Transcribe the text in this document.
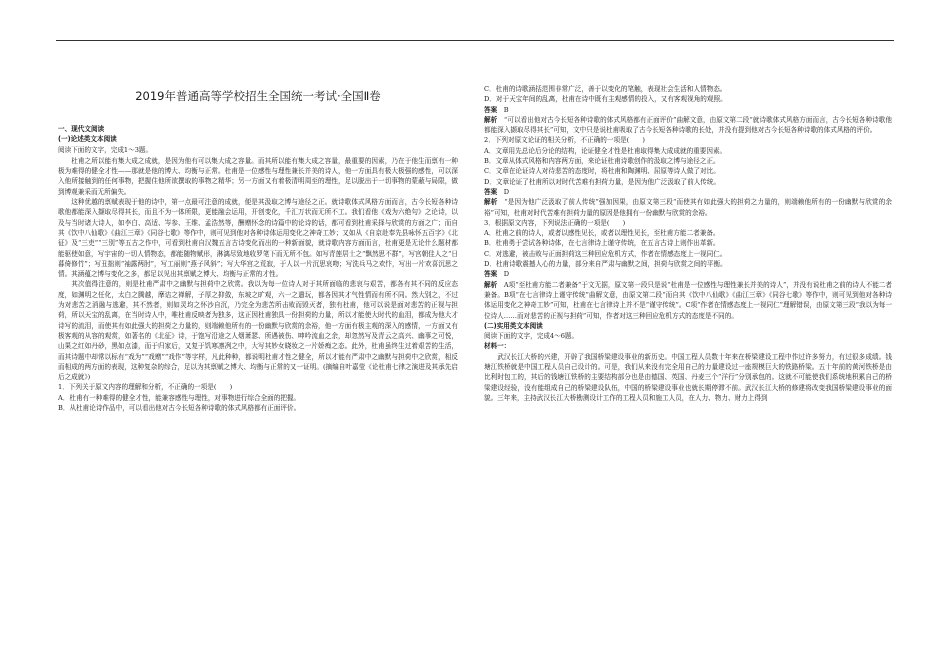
2019年普通高等学校招生全国统一考试·全国Ⅱ卷

一、现代文阅读

(一)论述类文本阅读

阅读下面的文字，完成1～3题。

杜甫之所以能有集大成之成就，是因为他有可以集大成之容量。而其所以能有集大成之容量，最重要的因素，乃在于他生而禀有一种极为难得的健全才性——那就是他的博大、均衡与正常。杜甫是一位感性与理性兼长并美的诗人，他一方面具有极大极强的感性，可以深入他所接触到的任何事物，把握住他所欲撰取的事物之精华；另一方面又有着极清明周至的理性，足以脱出于一切事物的蒙蔽与局限，做到博观兼采而无所偏失。

这种优越的禀赋表现于他的诗中，第一点最可注意的成就，便是其汲取之博与途径之正。就诗歌体式风格方面而言，古今长短各种诗歌他都能深入撷取尽得其长，而且不为一体所限，更能融会运用，开创变化，千汇万状而无所不工。我们看他《戏为六绝句》之论诗，以及与当时诸大诗人，如李白、高适、岑参、王维、孟浩然等，酬赠怀念的诗篇中的论诗的话，都可看到杜甫采择与欣赏的方面之广；而自其《饮中八仙歌》《曲江三章》《同谷七歌》等作中，则可见到他对各种诗体运用变化之神奇工妙；又如从《自京赴奉先县咏怀五百字》《北征》及“三吏”“三别”等五古之作中，可看到杜甫自汉魏五言古诗变化而出的一种新面貌，就诗歌内容方面而言，杜甫更是无论什么题材都能驱使如意，写宇宙的一切人情物态，都能随物赋形，淋漓尽致地收罗笔下而无所不包。如写青莲居士之“飘然思不群”，写宫朝佳人之“日暮倚修竹”；写丑拙则“袖露两肘”，写工丽则“燕子风斜”；写大华宫之荒寂，于人以一片沉思哀吻；写洗兵马之欢忭，写出一片欢喜沉思之情。其涵蕴之博与变化之多，都足以见出其禀赋之博大、均衡与正常的才性。

其次值得注意的，则是杜甫严肃中之幽默与担荷中之欣赏。我以为每一位诗人对于其所面临的悲哀与艰苦，都各有其不同的反应态度，如渊明之任化，太白之腾越，摩诘之禅解，子厚之抑敛，东坡之旷观，六一之遣玩，都各因其才气性情而有所不同。然大别之，不过为对悲苦之消融与逃避，其不然者，则如灵均之怀沙自沉，乃完全为悲苦所击败而毁灭者，独有杜甫，他可以说是面对悲苦的正视与担荷，所以天宝的乱离，在当时诗人中，唯杜甫反映者为独多，这正因杜甫独具一份担荷的力量，所以才能使大时代的血泪，都成为他大才诗写的流泪，而使其有如此强大的担荷之力量的，则端赖他所有的一份幽默与欣赏的余裕，他一方面有极主观的深入的感情，一方面又有极客观的从容的观赏，如著名的《北征》诗，于饱写沿途之人烟萧瑟、所遇被伤、呻吟流血之余，却忽然写及青云之高兴、幽事之可悦，山果之红如丹砂，黑如点漆，而于归家后，又复于饥寒凛冽之中，大写其妙女晓妆之一片娇痴之态。此外，杜甫虽终生过着艰苦的生活，而其诗题中却常以标有“戏为”“戏赠”“戏作”等字样，凡此种种，都说明杜甫才性之健全，所以才能有严肃中之幽默与担荷中之欣赏，相反而相成的两方面的表现，这种复杂的综合，足以为其禀赋之博大、均衡与正常的又一证明。(摘编自叶嘉莹《论杜甫七律之演进及其承先启后之成就》)

1．下列关于原文内容的理解和分析，不正确的一项是(　　)

A．杜甫有一种难得的健全才性，能兼容感性与理性，对事物进行综合全面的把握。

B．从杜甫论诗作品中，可以看出他对古今长短各种诗歌的体式风格都有正面评价。

C．杜甫的诗歌涵括范围非常广泛，善于以变化的笔触，表现社会生活和人情物态。

D．对于天宝年间的乱离，杜甫在诗中既有主观感情的投入，又有客观视角的观照。

答案　 B

解析　 “可以看出他对古今长短各种诗歌的体式风格都有正面评价”曲解文意，由原文第二段“就诗歌体式风格方面而言，古今长短各种诗歌他都能深入撷取尽得其长”可知，文中只是说杜甫吸取了古今长短各种诗歌的长处，并没有提到他对古今长短各种诗歌的体式风格的评价。

2．下列对原文论证的相关分析，不正确的一项是(　　)

A．文章用先总论后分论的结构，论证健全才性是杜甫取得集大成成就的重要因素。

B．文章从体式风格和内容两方面，来论证杜甫诗歌创作的汲取之博与途径之正。

C．文章在论证诗人对待悲苦的态度时，将杜甫和陶渊明、屈原等诗人做了对比。

D．文章论证了杜甫所以对时代苦难有担荷力量，是因为他广泛汲取了前人传统。

答案　 D

解析　 “是因为他广泛汲取了前人传统”强加因果，由原文第三段“而使其有如此强大的担荷之力量的，则端赖他所有的一份幽默与欣赏的余裕”可知，杜甫对时代苦难有担荷力量的原因是他拥有一份幽默与欣赏的余裕。

3．根据原文内容，下列说法正确的一项是(　　)

A．杜甫之前的诗人，或者以感性见长，或者以理性见长，至杜甫方能二者兼备。

B．杜甫勇于尝试各种诗体，在七言律诗上谨守传统，在五言古诗上则作出革新。

C．对逃避，被击败与正面担荷这三种回应危机方式，作者在情感态度上一视同仁。

D．杜甫诗歌震撼人心的力量，部分来自严肃与幽默之间，担荷与欣赏之间的平衡。

答案　 D

解析　 A项“至杜甫方能二者兼备”于文无据，原文第一段只是说“杜甫是一位感性与理性兼长并美的诗人”，并没有说杜甫之前的诗人不能二者兼备。B项“在七言律诗上谨守传统”曲解文意，由原文第二段“而自其《饮中八仙歌》《曲江三章》《同谷七歌》等作中，则可见到他对各种诗体运用变化之神奇工妙”可知，杜甫在七言律诗上并不是“谨守传统”。C项“作者在情感态度上一视同仁”理解错误，由原文第三段“我以为每一位诗人……而对悲苦的正视与担荷”可知，作者对这三种回应危机方式的态度是不同的。

(二)实用类文本阅读

阅读下面的文字，完成4～6题。

材料一：

武汉长江大桥的兴建，开辟了我国桥梁建设事业的新历史。中国工程人员数十年来在桥梁建设工程中作过许多努力，有过很多成绩。钱塘江铁桥就是中国工程人员自己设计的。可是，我们从来没有完全用自己的力量建设过一座规模巨大的铁路桥梁。五十年前的黄河铁桥是由比利时包工的，其后的钱塘江铁桥的主要结构部分也是由德国、英国、丹麦三个“洋行”分别承包的。这就不可能使我们系统地积累自己的桥梁建设经验，没有能组成自己的桥梁建设队伍，中国的桥梁建设事业也就长期停滞不前。武汉长江大桥的修建将改变我国桥梁建设事业的面貌。三年来，主持武汉长江大桥勘测设计工作的工程人员和施工人员，在人力、物力、财力上得到
